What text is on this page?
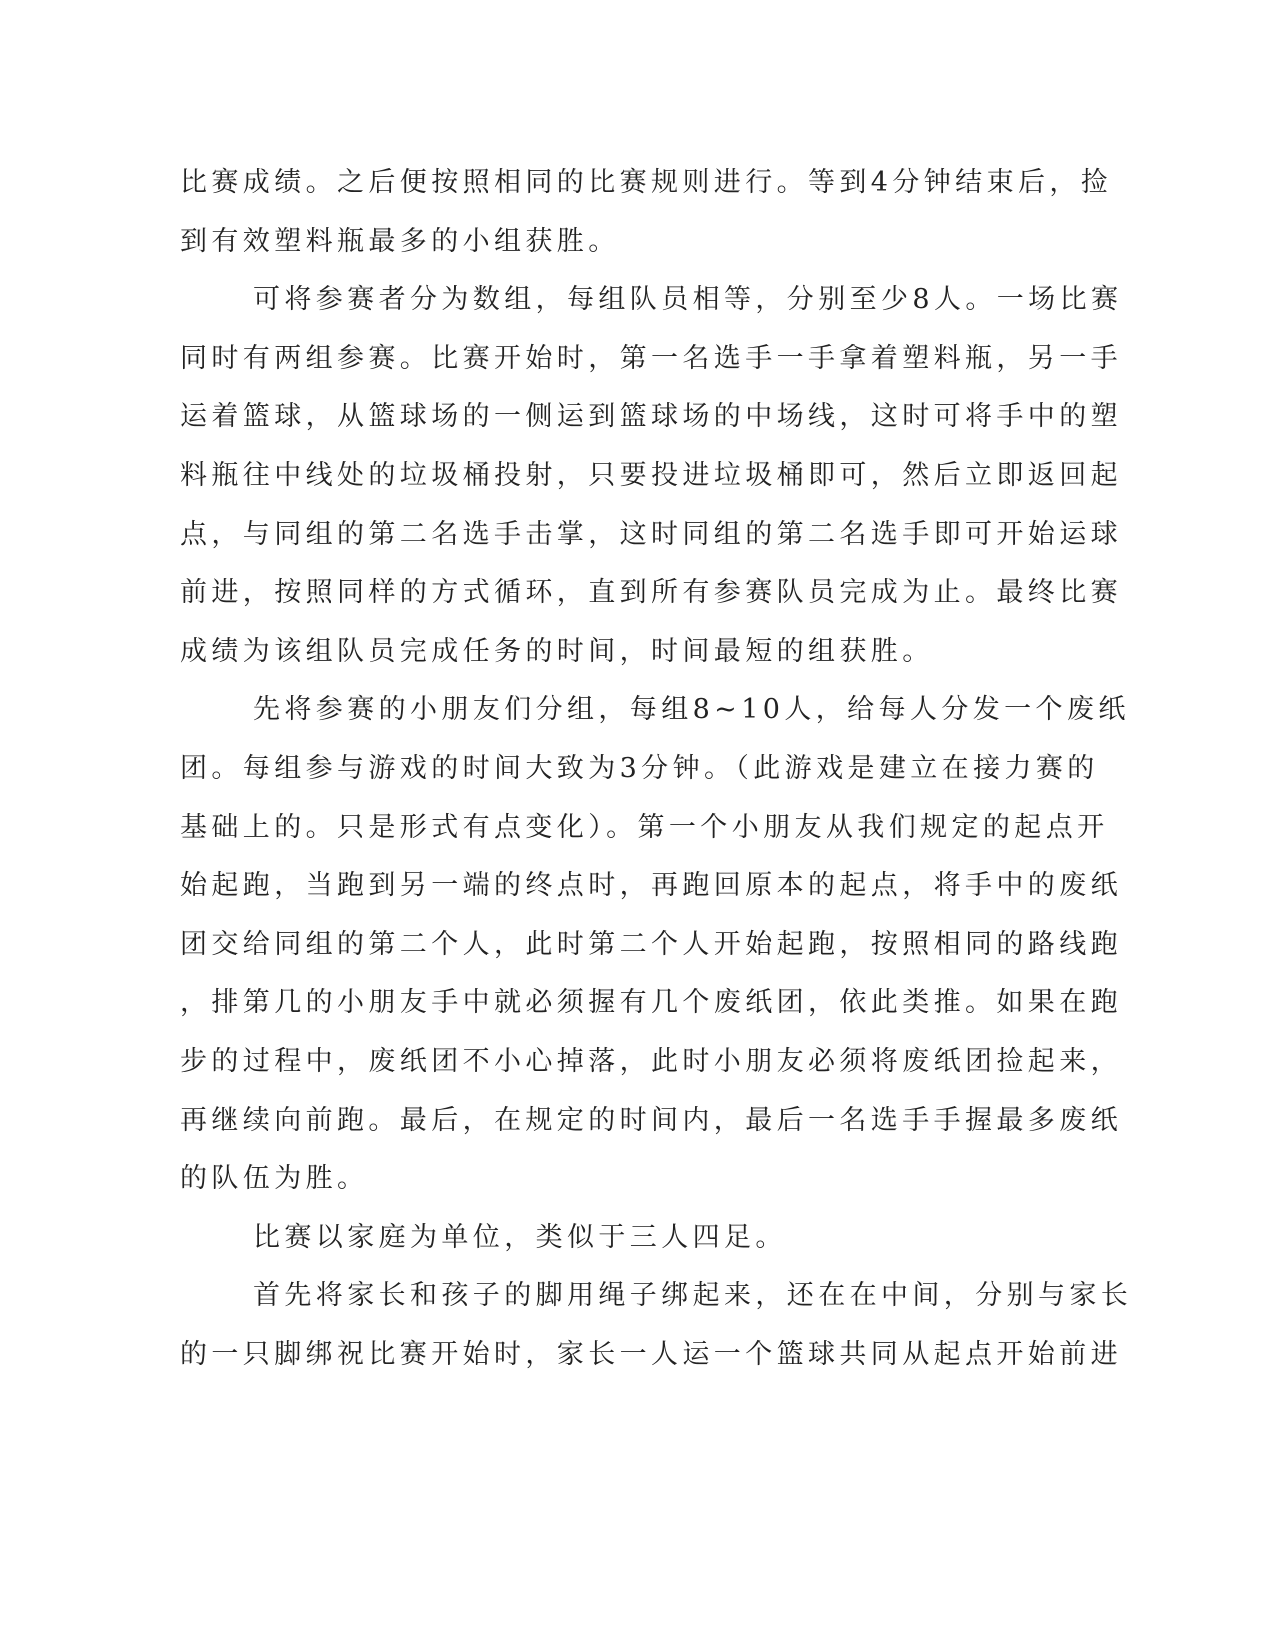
比赛成绩。之后便按照相同的比赛规则进行。等到4分钟结束后，捡
到有效塑料瓶最多的小组获胜。
可将参赛者分为数组，每组队员相等，分别至少8人。一场比赛
同时有两组参赛。比赛开始时，第一名选手一手拿着塑料瓶，另一手
运着篮球，从篮球场的一侧运到篮球场的中场线，这时可将手中的塑
料瓶往中线处的垃圾桶投射，只要投进垃圾桶即可，然后立即返回起
点，与同组的第二名选手击掌，这时同组的第二名选手即可开始运球
前进，按照同样的方式循环，直到所有参赛队员完成为止。最终比赛
成绩为该组队员完成任务的时间，时间最短的组获胜。
先将参赛的小朋友们分组，每组8~10人，给每人分发一个废纸
团。每组参与游戏的时间大致为3分钟。（此游戏是建立在接力赛的
基础上的。只是形式有点变化）。第一个小朋友从我们规定的起点开
始起跑，当跑到另一端的终点时，再跑回原本的起点，将手中的废纸
团交给同组的第二个人，此时第二个人开始起跑，按照相同的路线跑
，排第几的小朋友手中就必须握有几个废纸团，依此类推。如果在跑
步的过程中，废纸团不小心掉落，此时小朋友必须将废纸团捡起来，
再继续向前跑。最后，在规定的时间内，最后一名选手手握最多废纸
的队伍为胜。
比赛以家庭为单位，类似于三人四足。
首先将家长和孩子的脚用绳子绑起来，还在在中间，分别与家长
的一只脚绑祝比赛开始时，家长一人运一个篮球共同从起点开始前进
